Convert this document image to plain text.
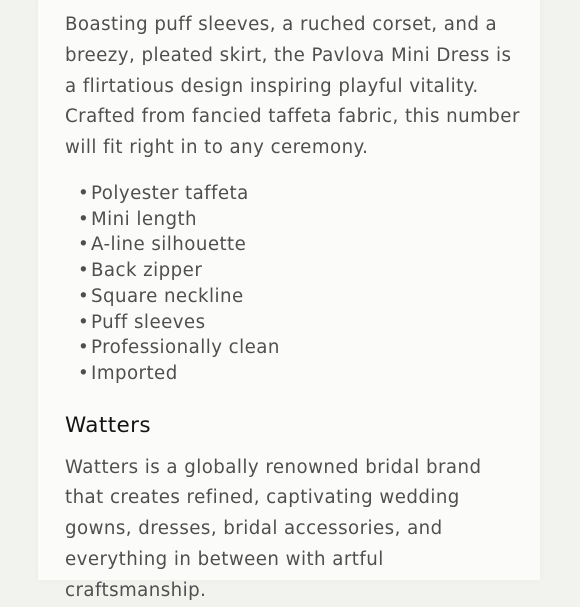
Boasting puff sleeves, a ruched corset, and a breezy, pleated skirt, the Pavlova Mini Dress is a flirtatious design inspiring playful vitality. Crafted from fancied taffeta fabric, this number will fit right in to any ceremony.

• Polyester taffeta
• Mini length
• A-line silhouette
• Back zipper
• Square neckline
• Puff sleeves
• Professionally clean
• Imported
Watters

Watters is a globally renowned bridal brand that creates refined, captivating wedding gowns, dresses, bridal accessories, and everything in between with artful craftsmanship.
